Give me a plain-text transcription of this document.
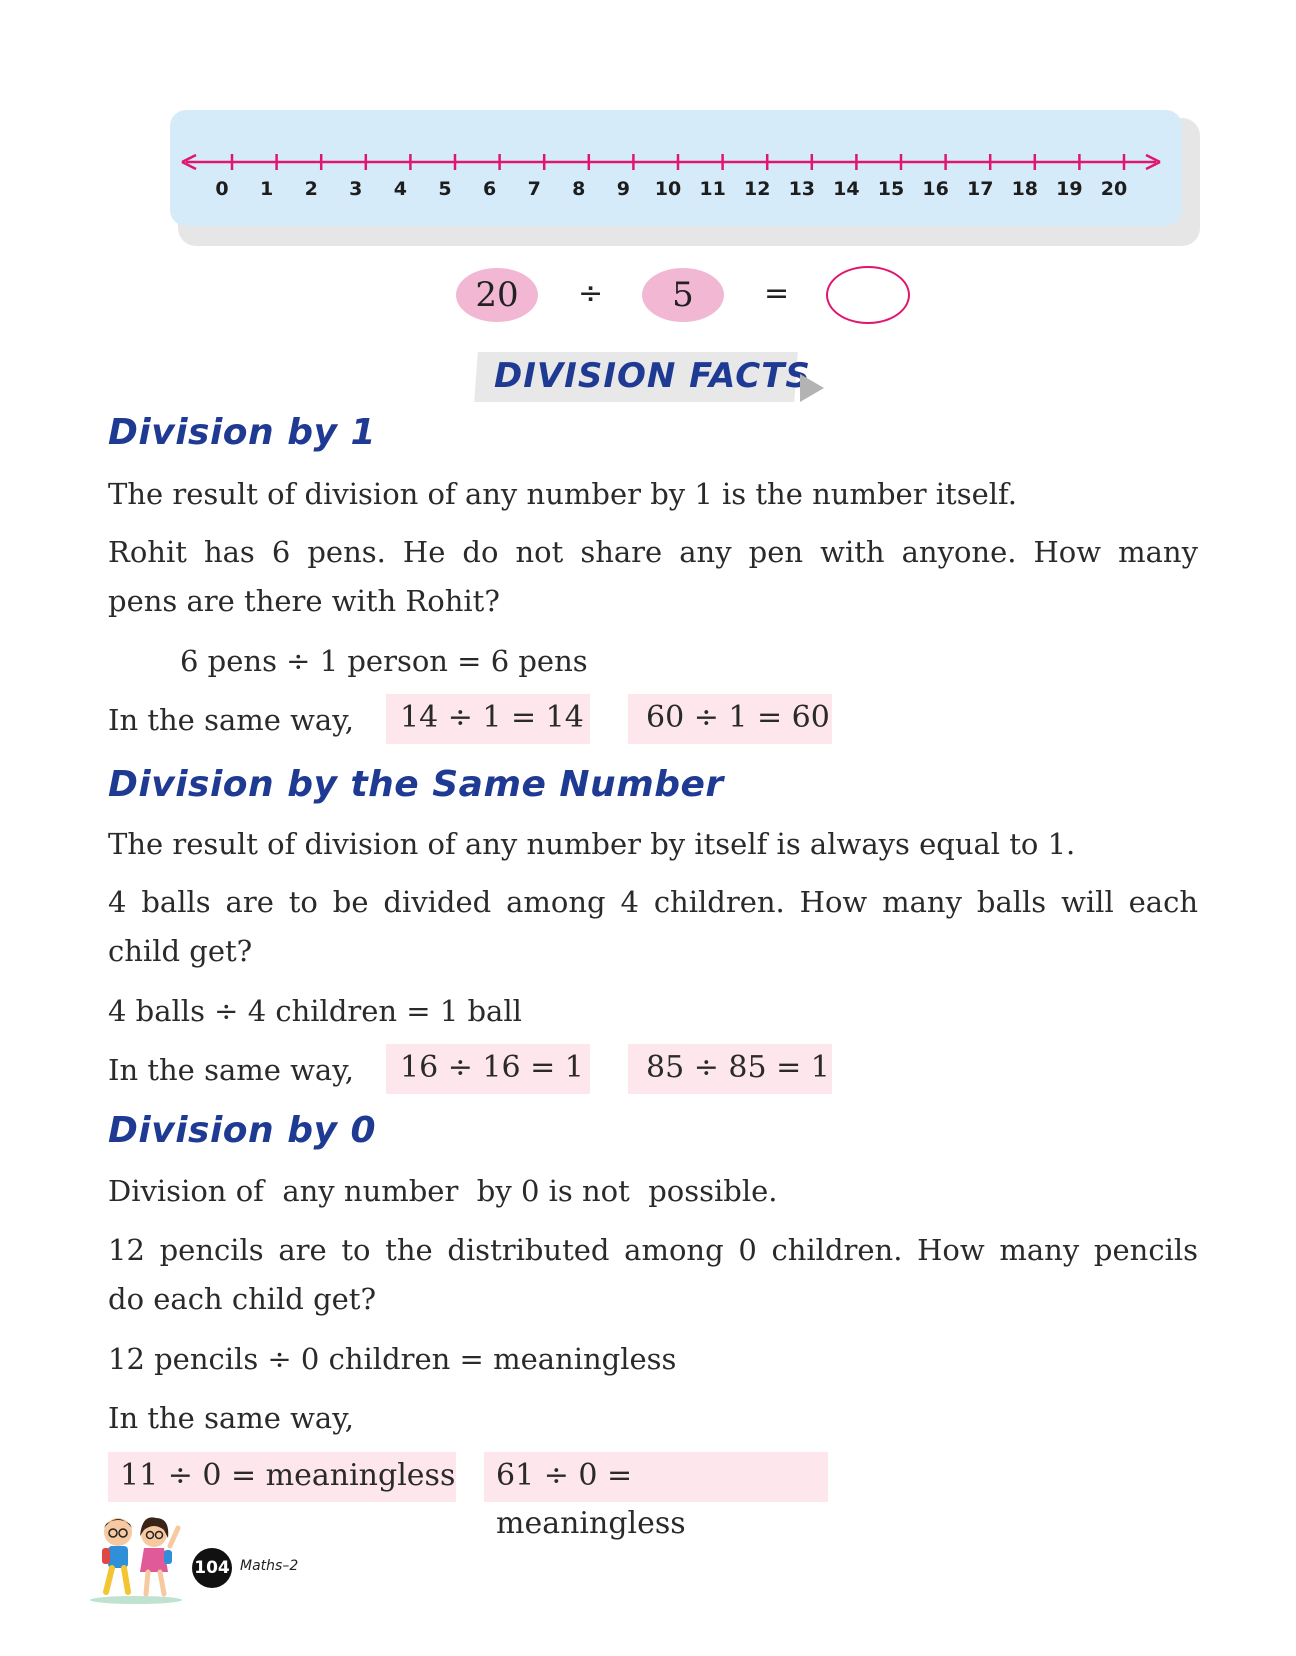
0 1 2 3 4 5 6 7 8 9 10 11 12 13 14 15 16 17 18 19 20
20	÷	5	=
DIVISION FACTS
Division by 1
The result of division of any number by 1 is the number itself.
Rohit has 6 pens. He do not share any pen with anyone. How many
pens are there with Rohit?
6 pens ÷ 1 person = 6 pens
In the same way,	14 ÷ 1 = 14	60 ÷ 1 = 60
Division by the Same Number
The result of division of any number by itself is always equal to 1.
4 balls are to be divided among 4 children. How many balls will each
child get?
4 balls ÷ 4 children = 1 ball
In the same way,	16 ÷ 16 = 1	85 ÷ 85 = 1
Division by 0
Division of  any number  by 0 is not  possible.
12 pencils are to the distributed among 0 children. How many pencils
do each child get?
12 pencils ÷ 0 children = meaningless
In the same way,
11 ÷ 0 = meaningless	61 ÷ 0 = meaningless
104 Maths–2
